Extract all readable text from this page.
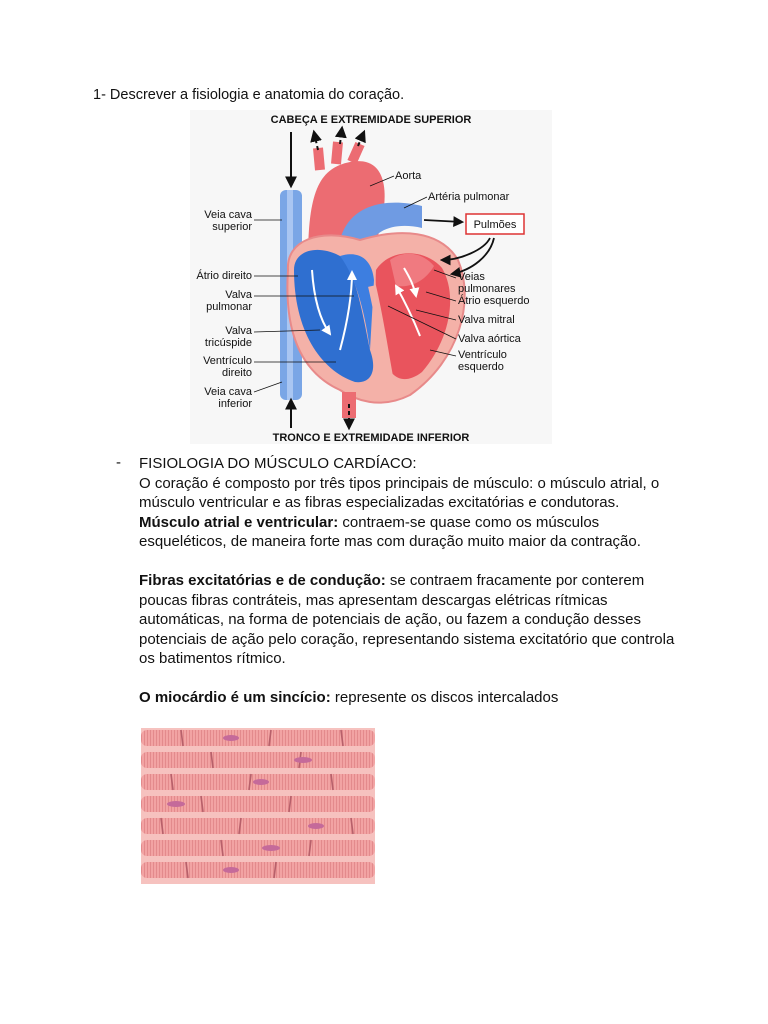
1- Descrever a fisiologia e anatomia do coração.
CABEÇA E EXTREMIDADE SUPERIOR
TRONCO E EXTREMIDADE INFERIOR
Pulmões
Aorta
Artéria pulmonar
Veias
pulmonares
Átrio esquerdo
Valva mitral
Valva aórtica
Ventrículo
esquerdo
Veia cava
superior
Átrio direito
Valva
pulmonar
Valva
tricúspide
Ventrículo
direito
Veia cava
inferior
- FISIOLOGIA DO MÚSCULO CARDÍACO:
O coração é composto por três tipos principais de músculo: o músculo atrial, o músculo ventricular e as fibras especializadas excitatórias e condutoras.
Músculo atrial e ventricular: contraem-se quase como os músculos esqueléticos, de maneira forte mas com duração muito maior da contração.
Fibras excitatórias e de condução: se contraem fracamente por conterem poucas fibras contráteis, mas apresentam descargas elétricas rítmicas automáticas, na forma de potenciais de ação, ou fazem a condução desses potenciais de ação pelo coração, representando sistema excitatório que controla os batimentos rítmico.
O miocárdio é um sincício: represente os discos intercalados
